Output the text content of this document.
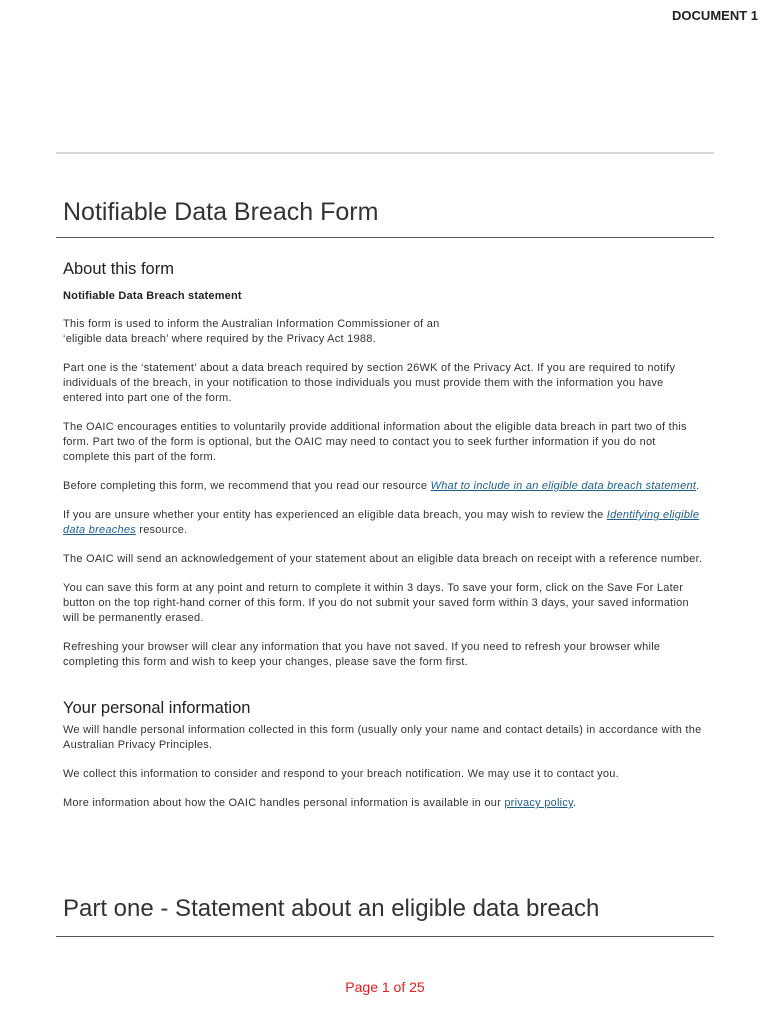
DOCUMENT 1
Notifiable Data Breach Form
About this form
Notifiable Data Breach statement

This form is used to inform the Australian Information Commissioner of an
‘eligible data breach’ where required by the Privacy Act 1988.

Part one is the ‘statement’ about a data breach required by section 26WK of the Privacy Act. If you are required to notify individuals of the breach, in your notification to those individuals you must provide them with the information you have entered into part one of the form.

The OAIC encourages entities to voluntarily provide additional information about the eligible data breach in part two of this form. Part two of the form is optional, but the OAIC may need to contact you to seek further information if you do not complete this part of the form.

Before completing this form, we recommend that you read our resource What to include in an eligible data breach statement.

If you are unsure whether your entity has experienced an eligible data breach, you may wish to review the Identifying eligible data breaches resource.

The OAIC will send an acknowledgement of your statement about an eligible data breach on receipt with a reference number.

You can save this form at any point and return to complete it within 3 days. To save your form, click on the Save For Later button on the top right-hand corner of this form. If you do not submit your saved form within 3 days, your saved information will be permanently erased.

Refreshing your browser will clear any information that you have not saved. If you need to refresh your browser while completing this form and wish to keep your changes, please save the form first.

Your personal information

We will handle personal information collected in this form (usually only your name and contact details) in accordance with the Australian Privacy Principles.

We collect this information to consider and respond to your breach notification. We may use it to contact you.

More information about how the OAIC handles personal information is available in our privacy policy.

Part one - Statement about an eligible data breach
Page 1 of 25
